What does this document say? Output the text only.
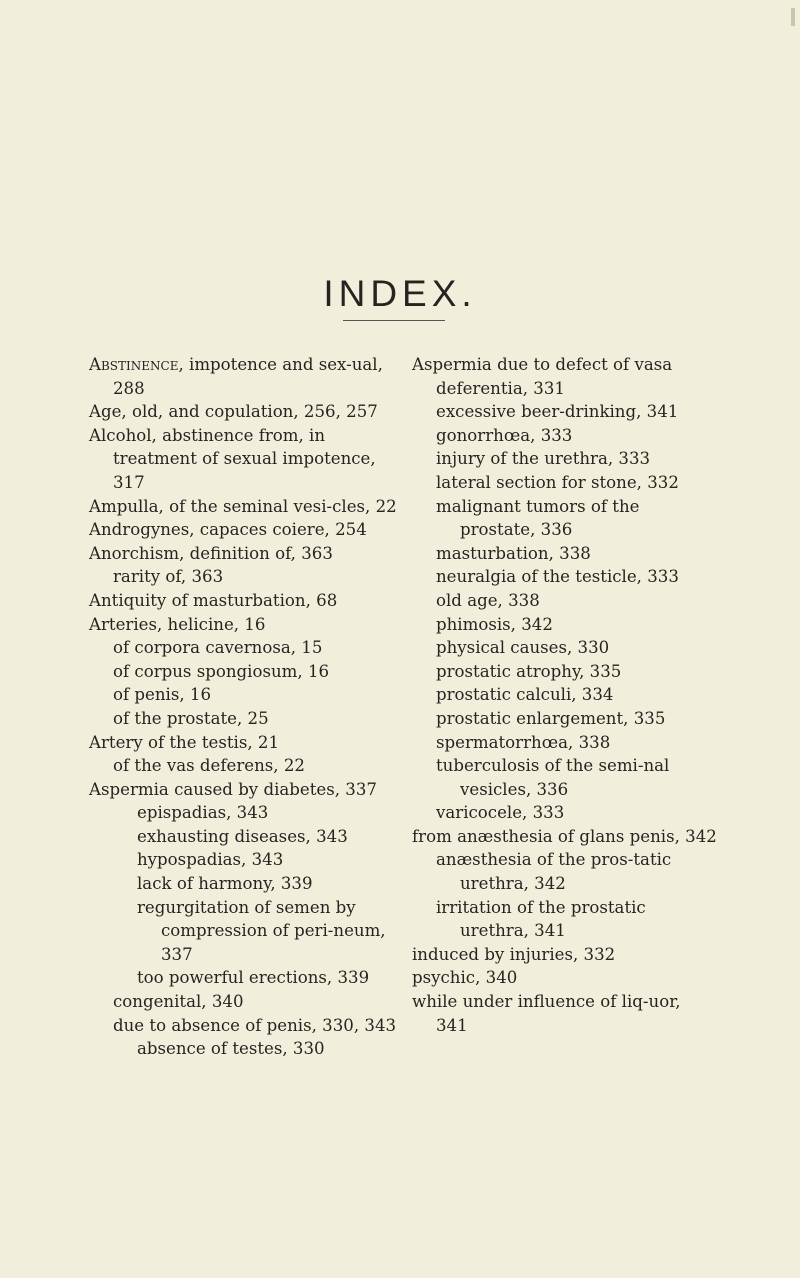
INDEX.
Abstinence, impotence and sex-ual, 288
Age, old, and copulation, 256, 257
Alcohol, abstinence from, in treatment of sexual impotence, 317
Ampulla, of the seminal vesi-cles, 22
Androgynes, capaces coiere, 254
Anorchism, definition of, 363
rarity of, 363
Antiquity of masturbation, 68
Arteries, helicine, 16
of corpora cavernosa, 15
of corpus spongiosum, 16
of penis, 16
of the prostate, 25
Artery of the testis, 21
of the vas deferens, 22
Aspermia caused by diabetes, 337
epispadias, 343
exhausting diseases, 343
hypospadias, 343
lack of harmony, 339
regurgitation of semen by compression of peri-neum, 337
too powerful erections, 339
congenital, 340
due to absence of penis, 330, 343
absence of testes, 330
Aspermia due to defect of vasa deferentia, 331
excessive beer-drinking, 341
gonorrhœa, 333
injury of the urethra, 333
lateral section for stone, 332
malignant tumors of the prostate, 336
masturbation, 338
neuralgia of the testicle, 333
old age, 338
phimosis, 342
physical causes, 330
prostatic atrophy, 335
prostatic calculi, 334
prostatic enlargement, 335
spermatorrhœa, 338
tuberculosis of the semi-nal vesicles, 336
varicocele, 333
from anæsthesia of glans penis, 342
anæsthesia of the pros-tatic urethra, 342
irritation of the prostatic urethra, 341
induced by injuries, 332
psychic, 340
while under influence of liq-uor, 341
